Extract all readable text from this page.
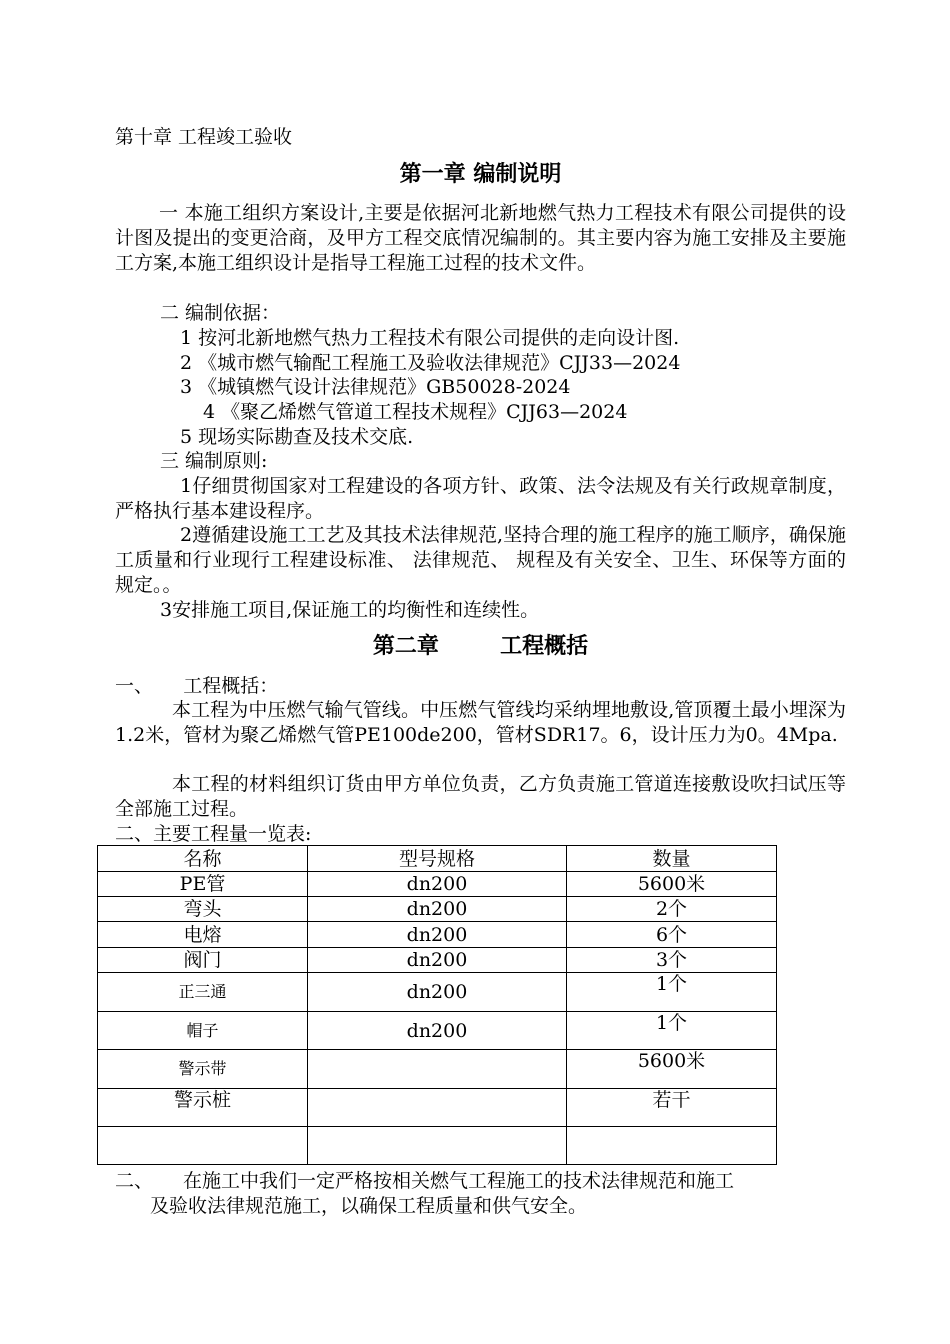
第十章 工程竣工验收

第一章 编制说明

一 本施工组织方案设计,主要是依据河北新地燃气热力工程技术有限公司提供的设计图及提出的变更洽商，及甲方工程交底情况编制的。其主要内容为施工安排及主要施工方案,本施工组织设计是指导工程施工过程的技术文件。

二 编制依据：

1 按河北新地燃气热力工程技术有限公司提供的走向设计图.

2 《城市燃气输配工程施工及验收法律规范》CJJ33—2024

3 《城镇燃气设计法律规范》GB50028-2024

4 《聚乙烯燃气管道工程技术规程》CJJ63—2024

5 现场实际勘查及技术交底.

三 编制原则:

1仔细贯彻国家对工程建设的各项方针、政策、法令法规及有关行政规章制度，严格执行基本建设程序。

2遵循建设施工工艺及其技术法律规范,坚持合理的施工程序的施工顺序，确保施工质量和行业现行工程建设标准、 法律规范、 规程及有关安全、卫生、环保等方面的规定。。

3安排施工项目,保证施工的均衡性和连续性。

第二章        工程概括

一、     工程概括：

本工程为中压燃气输气管线。中压燃气管线均采纳埋地敷设,管顶覆土最小埋深为1.2米，管材为聚乙烯燃气管PE100de200，管材SDR17。6，设计压力为0。4Mpa.

本工程的材料组织订货由甲方单位负责，乙方负责施工管道连接敷设吹扫试压等全部施工过程。

二、主要工程量一览表:

名称	型号规格	数量
PE管	dn200	5600米
弯头	dn200	2个
电熔	dn200	6个
阀门	dn200	3个
正三通	dn200	1个
帽子	dn200	1个
警示带		5600米
警示桩		若干

二、 在施工中我们一定严格按相关燃气工程施工的技术法律规范和施工

及验收法律规范施工，以确保工程质量和供气安全。
